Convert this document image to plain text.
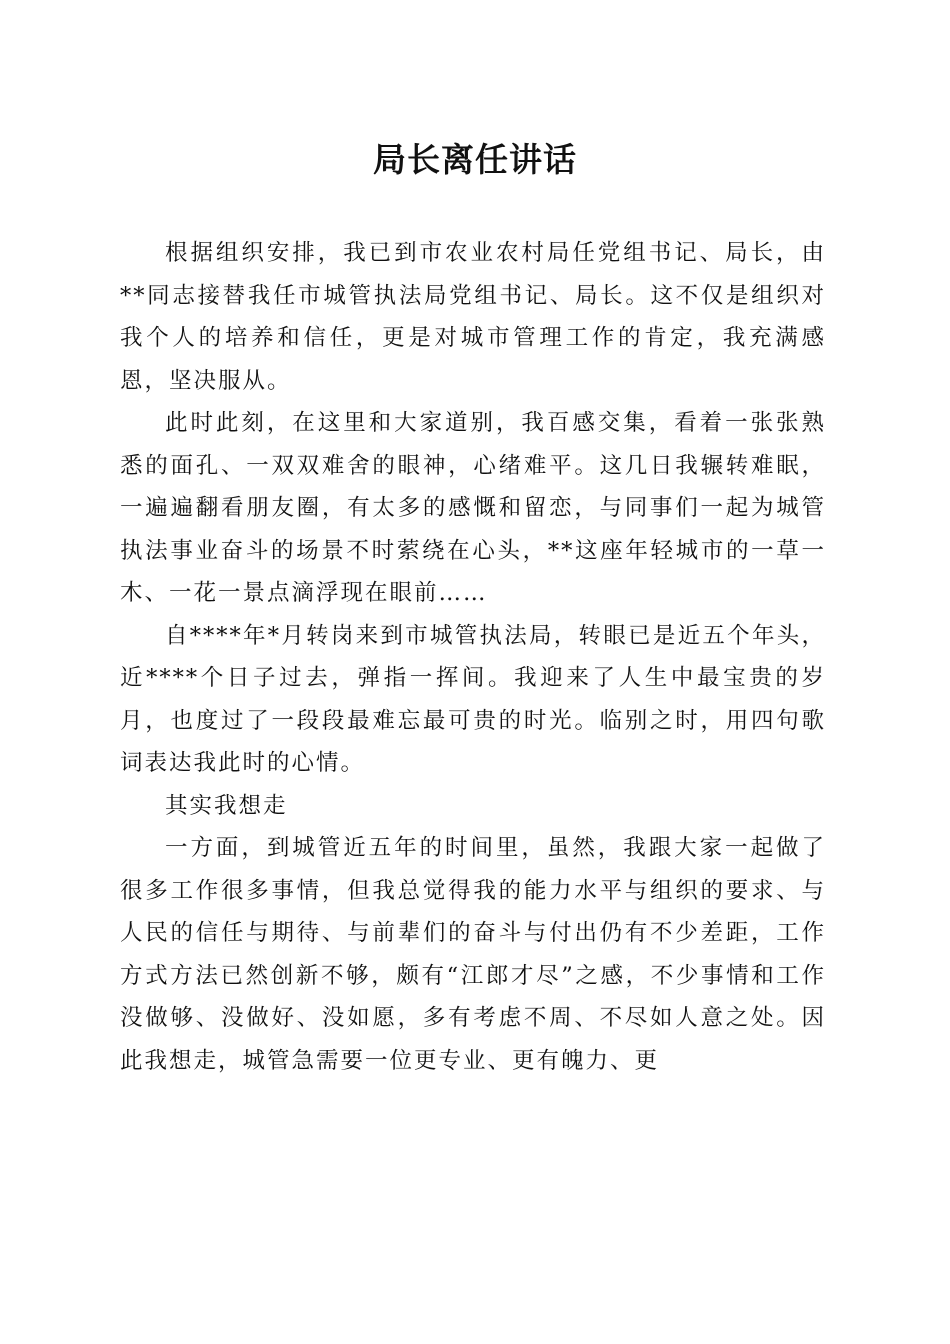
局长离任讲话

根据组织安排，我已到市农业农村局任党组书记、局长，由**同志接替我任市城管执法局党组书记、局长。这不仅是组织对我个人的培养和信任，更是对城市管理工作的肯定，我充满感恩，坚决服从。

此时此刻，在这里和大家道别，我百感交集，看着一张张熟悉的面孔、一双双难舍的眼神，心绪难平。这几日我辗转难眠，一遍遍翻看朋友圈，有太多的感慨和留恋，与同事们一起为城管执法事业奋斗的场景不时萦绕在心头，**这座年轻城市的一草一木、一花一景点滴浮现在眼前……

自****年*月转岗来到市城管执法局，转眼已是近五个年头，近****个日子过去，弹指一挥间。我迎来了人生中最宝贵的岁月，也度过了一段段最难忘最可贵的时光。临别之时，用四句歌词表达我此时的心情。

其实我想走

一方面，到城管近五年的时间里，虽然，我跟大家一起做了很多工作很多事情，但我总觉得我的能力水平与组织的要求、与人民的信任与期待、与前辈们的奋斗与付出仍有不少差距，工作方式方法已然创新不够，颇有“江郎才尽”之感，不少事情和工作没做够、没做好、没如愿，多有考虑不周、不尽如人意之处。因此我想走，城管急需要一位更专业、更有魄力、更
